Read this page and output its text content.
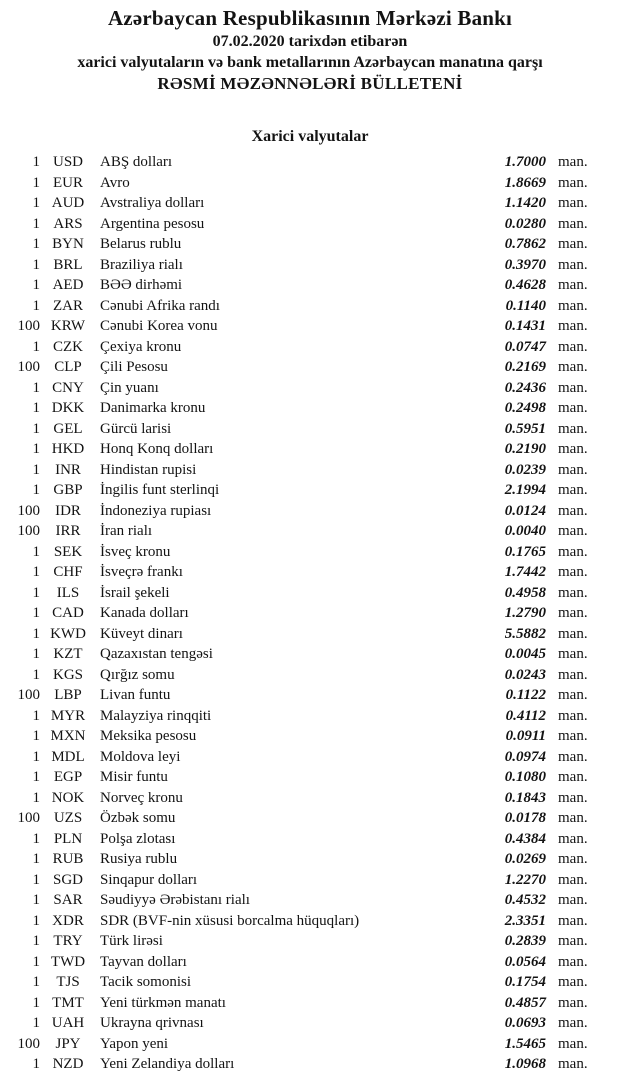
Azərbaycan Respublikasının Mərkəzi Bankı
07.02.2020 tarixdən etibarən
xarici valyutaların və bank metallarının Azərbaycan manatına qarşı
RƏSMİ MƏZƏNNƏLƏRİ BÜLLETENİ
Xarici valyutalar
1 USD	ABŞ dolları	1.7000 man.
1 EUR	Avro	1.8669 man.
1 AUD	Avstraliya dolları	1.1420 man.
1 ARS	Argentina pesosu	0.0280 man.
1 BYN	Belarus rublu	0.7862 man.
1 BRL	Braziliya rialı	0.3970 man.
1 AED	BƏƏ dirhəmi	0.4628 man.
1 ZAR	Cənubi Afrika randı	0.1140 man.
100 KRW Cənubi Korea vonu	0.1431 man.
1 CZK	Çexiya kronu	0.0747 man.
100 CLP	Çili Pesosu	0.2169 man.
1 CNY	Çin yuanı	0.2436 man.
1 DKK	Danimarka kronu	0.2498 man.
1 GEL	Gürcü larisi	0.5951 man.
1 HKD	Honq Konq dolları	0.2190 man.
1	INR	Hindistan rupisi	0.0239 man.
1 GBP	İngilis funt sterlinqi	2.1994 man.
100	IDR	İndoneziya rupiası	0.0124 man.
100	IRR	İran rialı	0.0040 man.
1 SEK	İsveç kronu	0.1765 man.
1 CHF	İsveçrə frankı	1.7442 man.
1	ILS	İsrail şekeli	0.4958 man.
1 CAD	Kanada dolları	1.2790 man.
1 KWD Küveyt dinarı	5.5882 man.
1 KZT	Qazaxıstan tengəsi	0.0045 man.
1 KGS	Qırğız somu	0.0243 man.
100 LBP	Livan funtu	0.1122 man.
1 MYR Malayziya rinqqiti	0.4112 man.
1 MXN Meksika pesosu	0.0911 man.
1 MDL	Moldova leyi	0.0974 man.
1 EGP	Misir funtu	0.1080 man.
1 NOK	Norveç kronu	0.1843 man.
100 UZS	Özbək somu	0.0178 man.
1 PLN	Polşa zlotası	0.4384 man.
1 RUB	Rusiya rublu	0.0269 man.
1 SGD	Sinqapur dolları	1.2270 man.
1 SAR	Səudiyyə Ərəbistanı rialı	0.4532 man.
1 XDR	SDR (BVF-nin xüsusi borcalma hüquqları)	2.3351 man.
1 TRY	Türk lirəsi	0.2839 man.
1 TWD Tayvan dolları	0.0564 man.
1	TJS	Tacik somonisi	0.1754 man.
1 TMT	Yeni türkmən manatı	0.4857 man.
1 UAH	Ukrayna qrivnası	0.0693 man.
100	JPY	Yapon yeni	1.5465 man.
1 NZD	Yeni Zelandiya dolları	1.0968 man.
